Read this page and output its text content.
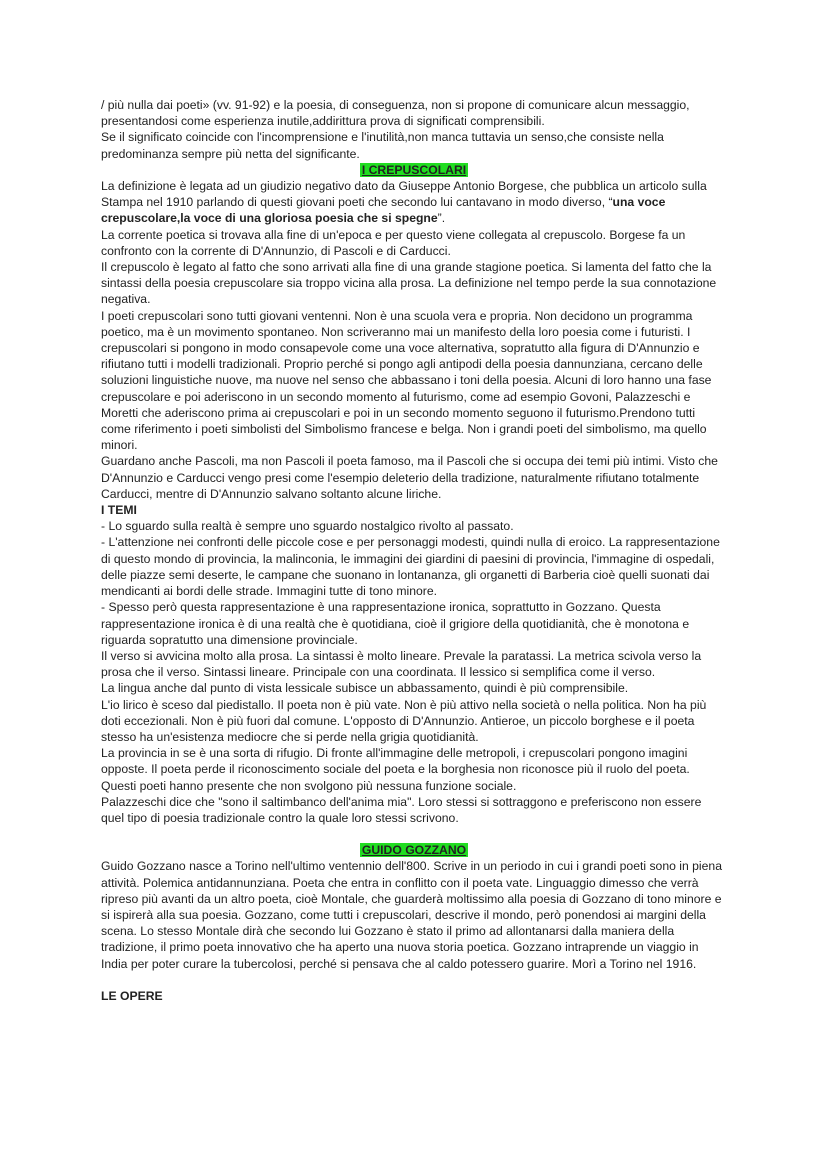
/ più nulla dai poeti» (vv. 91-92) e la poesia, di conseguenza, non si propone di comunicare alcun messaggio, presentandosi come esperienza inutile,addirittura prova di significati comprensibili.

Se il significato coincide con l'incomprensione e l'inutilità,non manca tuttavia un senso,che consiste nella predominanza sempre più netta del significante.

I CREPUSCOLARI

La definizione è legata ad un giudizio negativo dato da Giuseppe Antonio Borgese, che pubblica un articolo sulla Stampa nel 1910 parlando di questi giovani poeti che secondo lui cantavano in modo diverso, “una voce crepuscolare,la voce di una gloriosa poesia che si spegne”.

La corrente poetica si trovava alla fine di un'epoca e per questo viene collegata al crepuscolo. Borgese fa un confronto con la corrente di D'Annunzio, di Pascoli e di Carducci.

Il crepuscolo è legato al fatto che sono arrivati alla fine di una grande stagione poetica. Si lamenta del fatto che la sintassi della poesia crepuscolare sia troppo vicina alla prosa. La definizione nel tempo perde la sua connotazione negativa.

I poeti crepuscolari sono tutti giovani ventenni. Non è una scuola vera e propria. Non decidono un programma poetico, ma è un movimento spontaneo. Non scriveranno mai un manifesto della loro poesia come i futuristi. I crepuscolari si pongono in modo consapevole come una voce alternativa, sopratutto alla figura di D'Annunzio e rifiutano tutti i modelli tradizionali. Proprio perché si pongo agli antipodi della poesia dannunziana, cercano delle soluzioni linguistiche nuove, ma nuove nel senso che abbassano i toni della poesia. Alcuni di loro hanno una fase crepuscolare e poi aderiscono in un secondo momento al futurismo, come ad esempio Govoni, Palazzeschi e Moretti che aderiscono prima ai crepuscolari e poi in un secondo momento seguono il futurismo.Prendono tutti come riferimento i poeti simbolisti del Simbolismo francese e belga. Non i grandi poeti del simbolismo, ma quello minori.

Guardano anche Pascoli, ma non Pascoli il poeta famoso, ma il Pascoli che si occupa dei temi più intimi. Visto che D'Annunzio e Carducci vengo presi come l'esempio deleterio della tradizione, naturalmente rifiutano totalmente Carducci, mentre di D'Annunzio salvano soltanto alcune liriche.

I TEMI

- Lo sguardo sulla realtà è sempre uno sguardo nostalgico rivolto al passato.

- L'attenzione nei confronti delle piccole cose e per personaggi modesti, quindi nulla di eroico. La rappresentazione di questo mondo di provincia, la malinconia, le immagini dei giardini di paesini di provincia, l'immagine di ospedali, delle piazze semi deserte, le campane che suonano in lontananza, gli organetti di Barberia cioè quelli suonati dai mendicanti ai bordi delle strade. Immagini tutte di tono minore.

- Spesso però questa rappresentazione è una rappresentazione ironica, soprattutto in Gozzano. Questa rappresentazione ironica è di una realtà che è quotidiana, cioè il grigiore della quotidianità, che è monotona e riguarda sopratutto una dimensione provinciale.

Il verso si avvicina molto alla prosa. La sintassi è molto lineare. Prevale la paratassi. La metrica scivola verso la prosa che il verso. Sintassi lineare. Principale con una coordinata. Il lessico si semplifica come il verso.

La lingua anche dal punto di vista lessicale subisce un abbassamento, quindi è più comprensibile.

L'io lirico è sceso dal piedistallo. Il poeta non è più vate. Non è più attivo nella società o nella politica. Non ha più doti eccezionali. Non è più fuori dal comune. L'opposto di D'Annunzio. Antieroe, un piccolo borghese e il poeta stesso ha un'esistenza mediocre che si perde nella grigia quotidianità.

La provincia in se è una sorta di rifugio. Di fronte all'immagine delle metropoli, i crepuscolari pongono imagini opposte. Il poeta perde il riconoscimento sociale del poeta e la borghesia non riconosce più il ruolo del poeta. Questi poeti hanno presente che non svolgono più nessuna funzione sociale.

Palazzeschi dice che "sono il saltimbanco dell'anima mia". Loro stessi si sottraggono e preferiscono non essere quel tipo di poesia tradizionale contro la quale loro stessi scrivono.

GUIDO GOZZANO

Guido Gozzano nasce a Torino nell'ultimo ventennio dell'800. Scrive in un periodo in cui i grandi poeti sono in piena attività. Polemica antidannunziana. Poeta che entra in conflitto con il poeta vate. Linguaggio dimesso che verrà ripreso più avanti da un altro poeta, cioè Montale, che guarderà moltissimo alla poesia di Gozzano di tono minore e si ispirerà alla sua poesia. Gozzano, come tutti i crepuscolari, descrive il mondo, però ponendosi ai margini della scena. Lo stesso Montale dirà che secondo lui Gozzano è stato il primo ad allontanarsi dalla maniera della tradizione, il primo poeta innovativo che ha aperto una nuova storia poetica. Gozzano intraprende un viaggio in India per poter curare la tubercolosi, perché si pensava che al caldo potessero guarire. Morì a Torino nel 1916.

LE OPERE
